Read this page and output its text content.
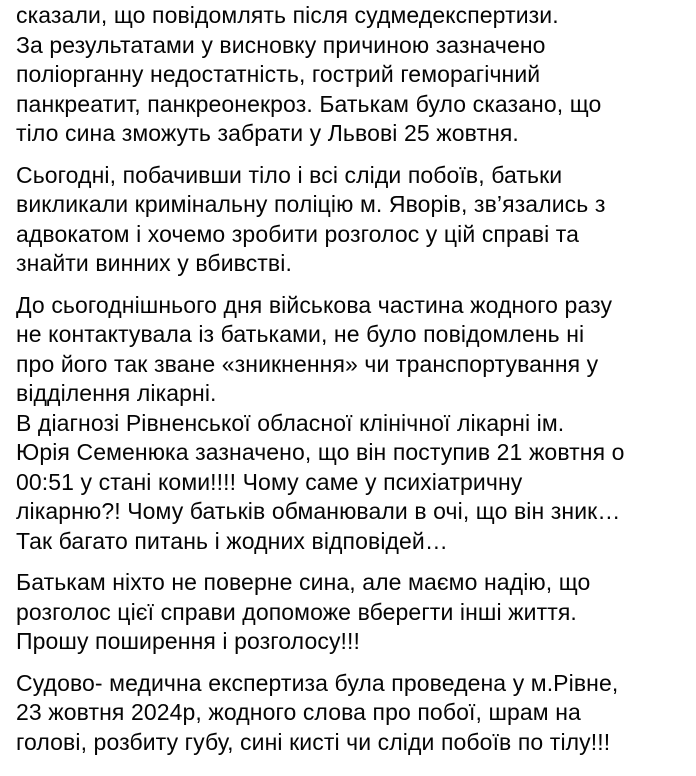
сказали, що повідомлять після судмедекспертизи.
За результатами у висновку причиною зазначено
поліорганну недостатність, гострий геморагічний
панкреатит, панкреонекроз. Батькам було сказано, що
тіло сина зможуть забрати у Львові 25 жовтня.

Сьогодні, побачивши тіло і всі сліди побоїв, батьки
викликали кримінальну поліцію м. Яворів, зв’язались з
адвокатом і хочемо зробити розголос у цій справі та
знайти винних у вбивстві.

До сьогоднішнього дня військова частина жодного разу
не контактувала із батьками, не було повідомлень ні
про його так зване «зникнення» чи транспортування у
відділення лікарні.
В діагнозі Рівненської обласної клінічної лікарні ім.
Юрія Семенюка зазначено, що він поступив 21 жовтня о
00:51 у стані коми!!!! Чому саме у психіатричну
лікарню?! Чому батьків обманювали в очі, що він зник…
Так багато питань і жодних відповідей…

Батькам ніхто не поверне сина, але маємо надію, що
розголос цієї справи допоможе вберегти інші життя.
Прошу поширення і розголосу!!!

Судово- медична експертиза була проведена у м.Рівне,
23 жовтня 2024р, жодного слова про побої, шрам на
голові, розбиту губу, сині кисті чи сліди побоїв по тілу!!!
